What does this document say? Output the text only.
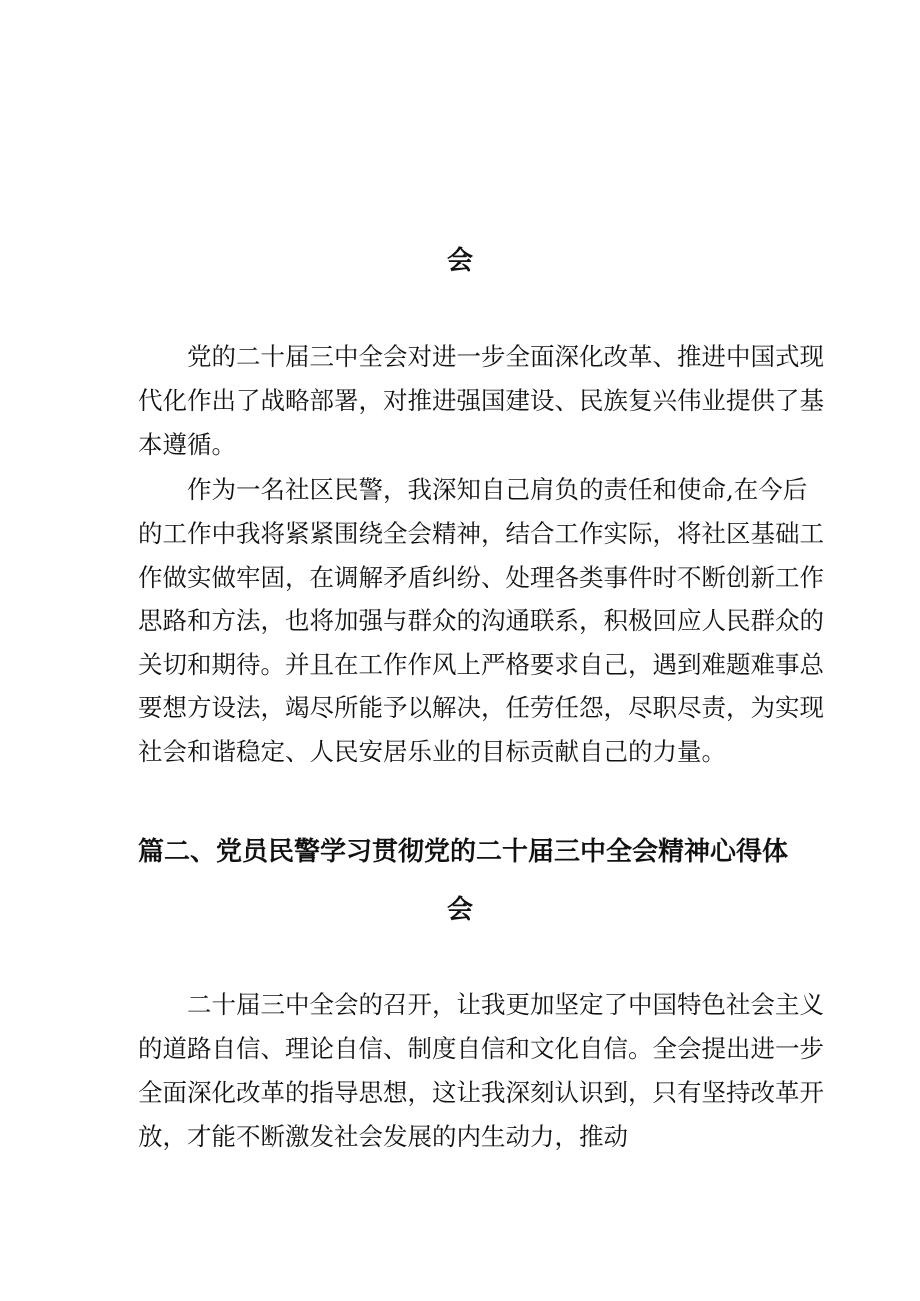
会
党的二十届三中全会对进一步全面深化改革、推进中国式现
代化作出了战略部署，对推进强国建设、民族复兴伟业提供了基
本遵循。
作为一名社区民警，我深知自己肩负的责任和使命,在今后
的工作中我将紧紧围绕全会精神，结合工作实际，将社区基础工
作做实做牢固，在调解矛盾纠纷、处理各类事件时不断创新工作
思路和方法，也将加强与群众的沟通联系，积极回应人民群众的
关切和期待。并且在工作作风上严格要求自己，遇到难题难事总
要想方设法，竭尽所能予以解决，任劳任怨，尽职尽责，为实现
社会和谐稳定、人民安居乐业的目标贡献自己的力量。
篇二、党员民警学习贯彻党的二十届三中全会精神心得体
会
二十届三中全会的召开，让我更加坚定了中国特色社会主义
的道路自信、理论自信、制度自信和文化自信。全会提出进一步
全面深化改革的指导思想，这让我深刻认识到，只有坚持改革开
放，才能不断激发社会发展的内生动力，推动
